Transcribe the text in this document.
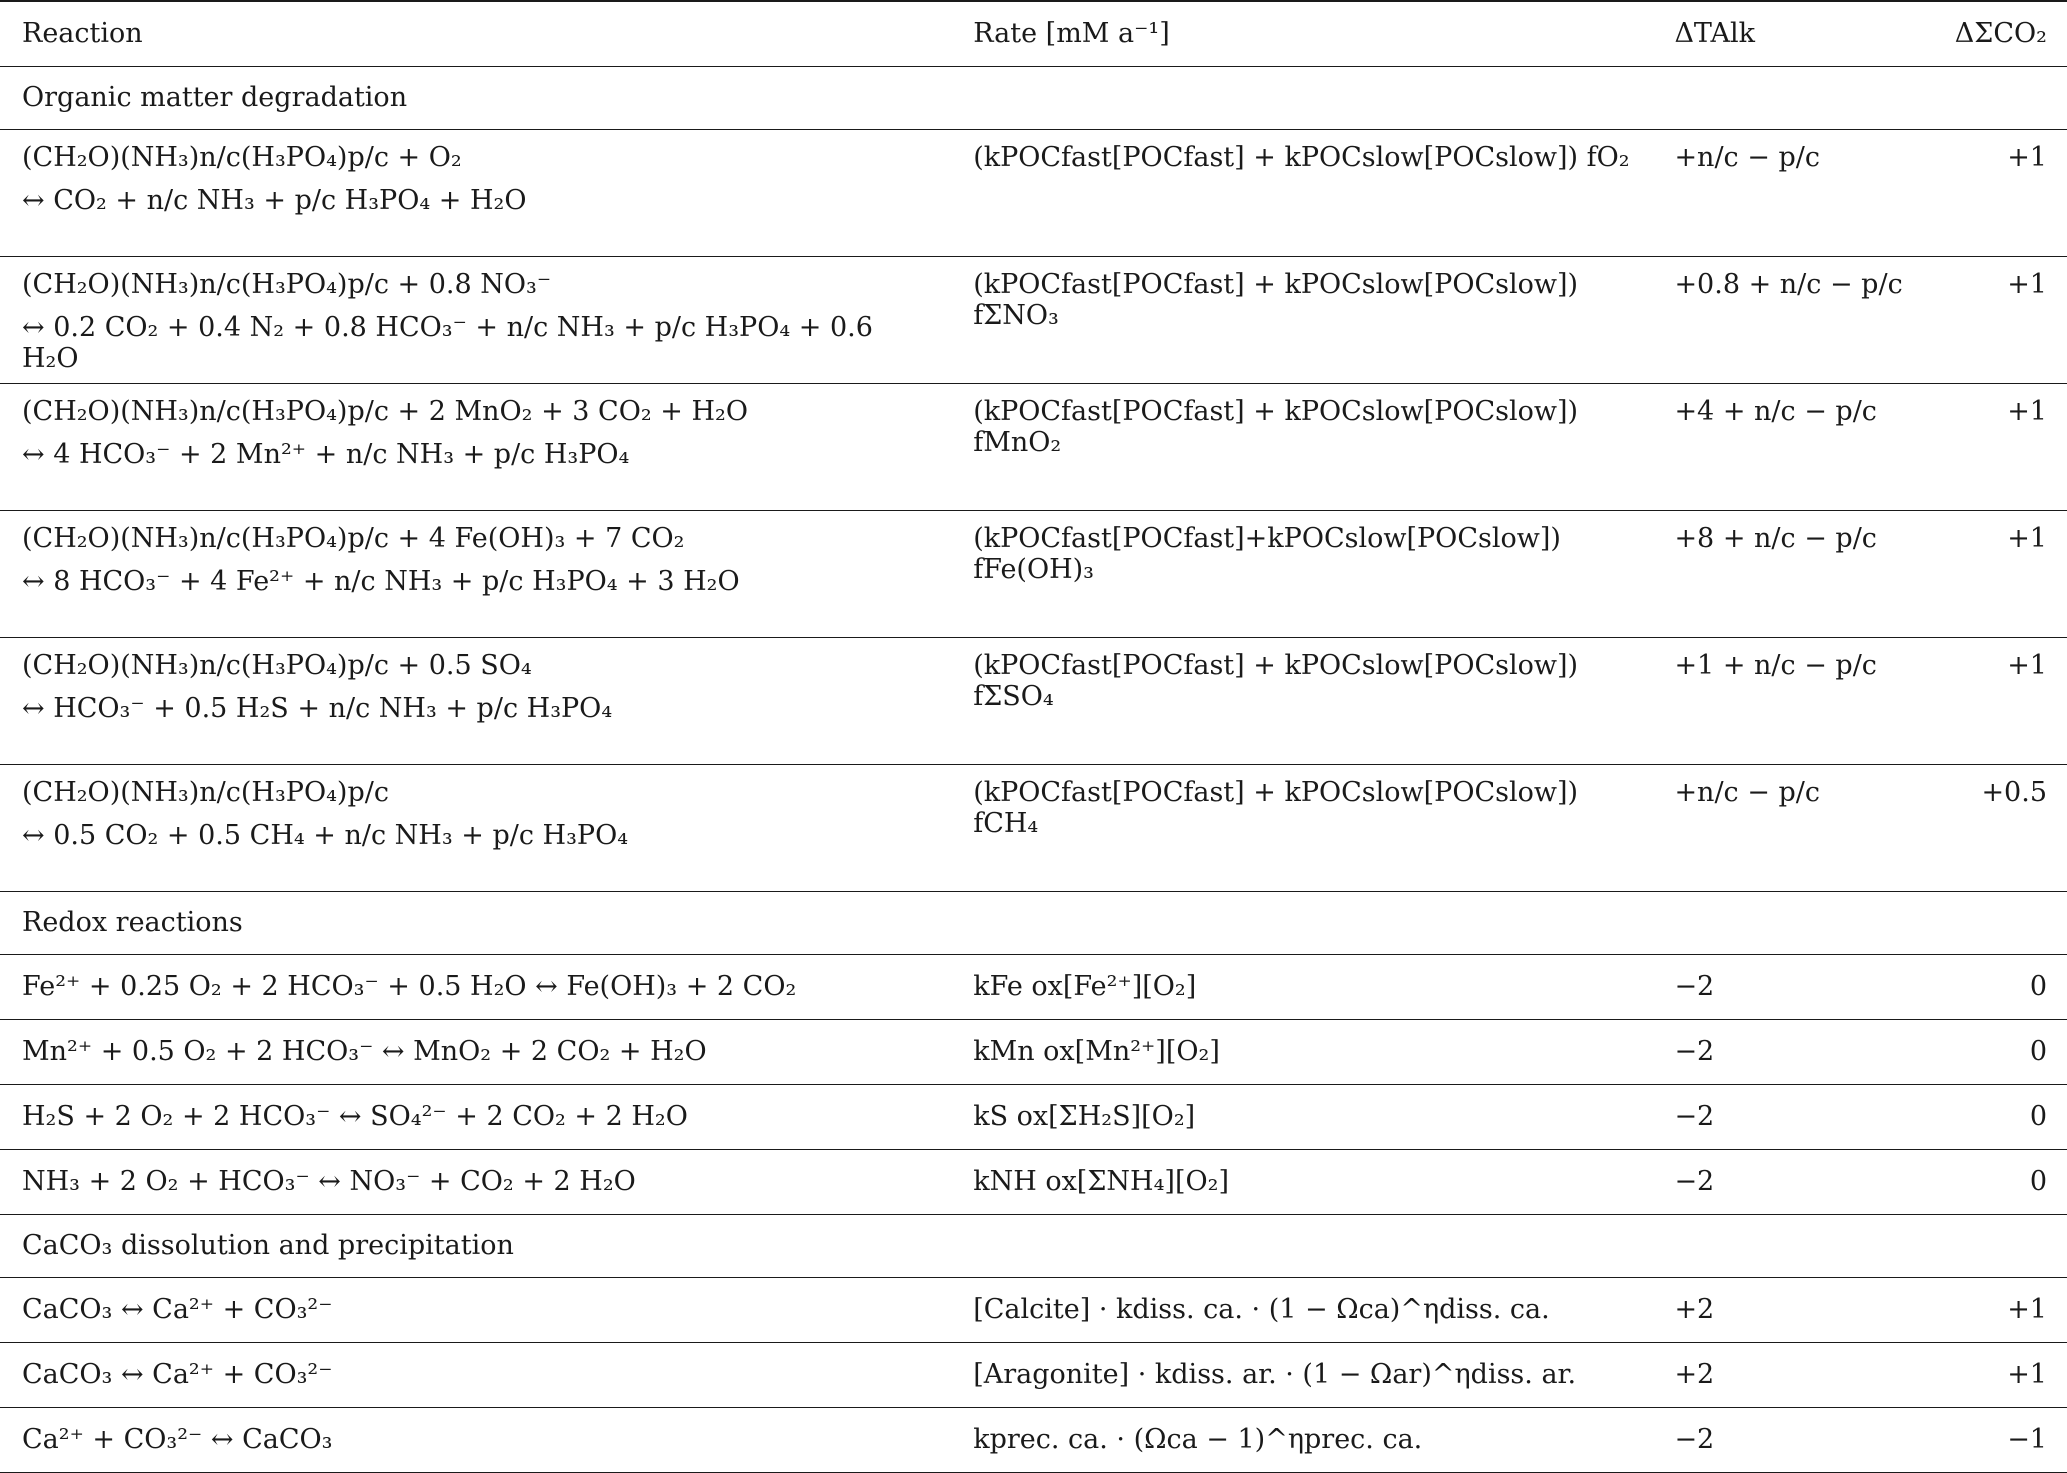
Reaction	Rate [mM a⁻¹]	ΔTAlk	ΔΣCO₂
Organic matter degradation			

(CH₂O)(NH₃)n/c(H₃PO₄)p/c + O₂
↔ CO₂ + n/c NH₃ + p/c H₃PO₄ + H₂O	(kPOCfast[POCfast] + kPOCslow[POCslow]) fO₂	+n/c − p/c	+1

(CH₂O)(NH₃)n/c(H₃PO₄)p/c + 0.8 NO₃⁻
↔ 0.2 CO₂ + 0.4 N₂ + 0.8 HCO₃⁻ + n/c NH₃ + p/c H₃PO₄ + 0.6 H₂O	(kPOCfast[POCfast] + kPOCslow[POCslow]) fΣNO₃	+0.8 + n/c − p/c	+1

(CH₂O)(NH₃)n/c(H₃PO₄)p/c + 2 MnO₂ + 3 CO₂ + H₂O
↔ 4 HCO₃⁻ + 2 Mn²⁺ + n/c NH₃ + p/c H₃PO₄	(kPOCfast[POCfast] + kPOCslow[POCslow]) fMnO₂	+4 + n/c − p/c	+1

(CH₂O)(NH₃)n/c(H₃PO₄)p/c + 4 Fe(OH)₃ + 7 CO₂
↔ 8 HCO₃⁻ + 4 Fe²⁺ + n/c NH₃ + p/c H₃PO₄ + 3 H₂O	(kPOCfast[POCfast]+kPOCslow[POCslow]) fFe(OH)₃	+8 + n/c − p/c	+1

(CH₂O)(NH₃)n/c(H₃PO₄)p/c + 0.5 SO₄
↔ HCO₃⁻ + 0.5 H₂S + n/c NH₃ + p/c H₃PO₄	(kPOCfast[POCfast] + kPOCslow[POCslow]) fΣSO₄	+1 + n/c − p/c	+1

(CH₂O)(NH₃)n/c(H₃PO₄)p/c
↔ 0.5 CO₂ + 0.5 CH₄ + n/c NH₃ + p/c H₃PO₄	(kPOCfast[POCfast] + kPOCslow[POCslow]) fCH₄	+n/c − p/c	+0.5
Redox reactions			
Fe²⁺ + 0.25 O₂ + 2 HCO₃⁻ + 0.5 H₂O ↔ Fe(OH)₃ + 2 CO₂	kFe ox[Fe²⁺][O₂]	−2	0
Mn²⁺ + 0.5 O₂ + 2 HCO₃⁻ ↔ MnO₂ + 2 CO₂ + H₂O	kMn ox[Mn²⁺][O₂]	−2	0
H₂S + 2 O₂ + 2 HCO₃⁻ ↔ SO₄²⁻ + 2 CO₂ + 2 H₂O	kS ox[ΣH₂S][O₂]	−2	0
NH₃ + 2 O₂ + HCO₃⁻ ↔ NO₃⁻ + CO₂ + 2 H₂O	kNH ox[ΣNH₄][O₂]	−2	0
CaCO₃ dissolution and precipitation			
CaCO₃ ↔ Ca²⁺ + CO₃²⁻	[Calcite] · kdiss. ca. · (1 − Ωca)^ηdiss. ca.	+2	+1
CaCO₃ ↔ Ca²⁺ + CO₃²⁻	[Aragonite] · kdiss. ar. · (1 − Ωar)^ηdiss. ar.	+2	+1
Ca²⁺ + CO₃²⁻ ↔ CaCO₃	kprec. ca. · (Ωca − 1)^ηprec. ca.	−2	−1
